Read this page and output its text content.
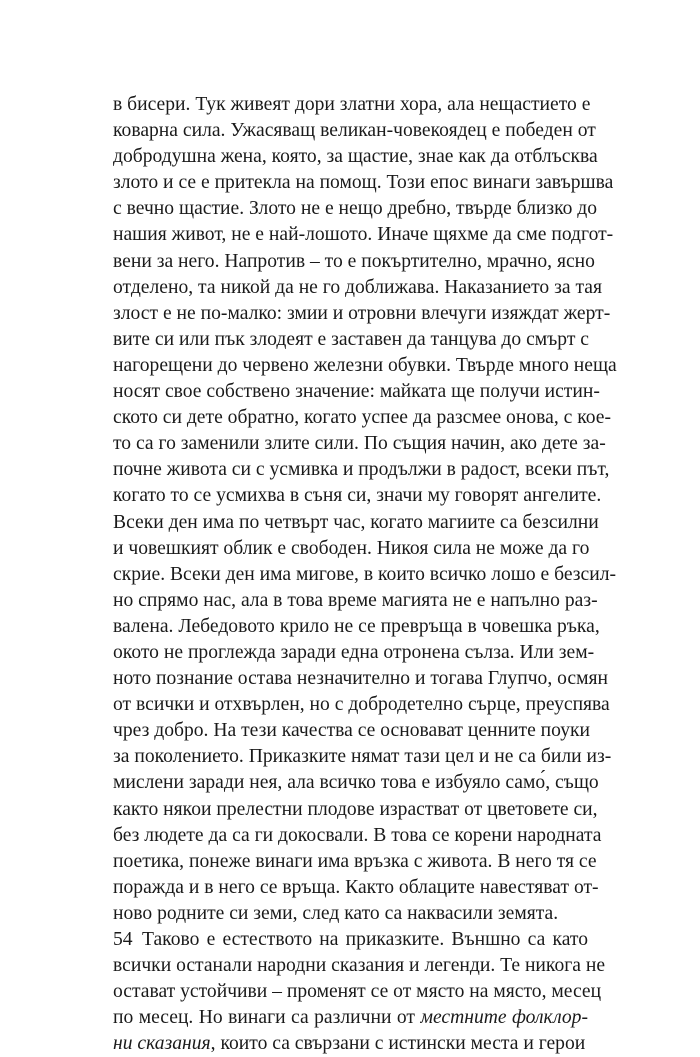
в бисери. Тук живеят дори златни хора, ала нещастието е
коварна сила. Ужасяващ великан-човекоядец е победен от
добродушна жена, която, за щастие, знае как да отблъсква
злото и се е притекла на помощ. Този епос винаги завършва
с вечно щастие. Злото не е нещо дребно, твърде близко до
нашия живот, не е най-лошото. Иначе щяхме да сме подгот-
вени за него. Напротив – то е покъртително, мрачно, ясно
отделено, та никой да не го доближава. Наказанието за тая
злост е не по-малко: змии и отровни влечуги изяждат жерт-
вите си или пък злодеят е заставен да танцува до смърт с
нагорещени до червено железни обувки. Твърде много неща
носят свое собствено значение: майката ще получи истин-
ското си дете обратно, когато успее да разсмее онова, с кое-
то са го заменили злите сили. По същия начин, ако дете за-
почне живота си с усмивка и продължи в радост, всеки път,
когато то се усмихва в съня си, значи му говорят ангелите.
Всеки ден има по четвърт час, когато магиите са безсилни
и човешкият облик е свободен. Никоя сила не може да го
скрие. Всеки ден има мигове, в които всичко лошо е безсил-
но спрямо нас, ала в това време магията не е напълно раз-
валена. Лебедовото крило не се превръща в човешка ръка,
окото не проглежда заради една отронена сълза. Или зем-
ното познание остава незначително и тогава Глупчо, осмян
от всички и отхвърлен, но с добродетелно сърце, преуспява
чрез добро. На тези качества се основават ценните поуки
за поколението. Приказките нямат тази цел и не са били из-
мислени заради нея, ала всичко това е избуяло само́, също
както някои прелестни плодове израстват от цветовете си,
без людете да са ги докосвали. В това се корени народната
поетика, понеже винаги има връзка с живота. В него тя се
поражда и в него се връща. Както облаците навестяват от-
ново родните си земи, след като са наквасили земята.
Таково е естеството на приказките. Външно са като
всички останали народни сказания и легенди. Те никога не
остават устойчиви – променят се от място на място, месец
по месец. Но винаги са различни от местните фолклор-
ни сказания, които са свързани с истински места и герои
54
